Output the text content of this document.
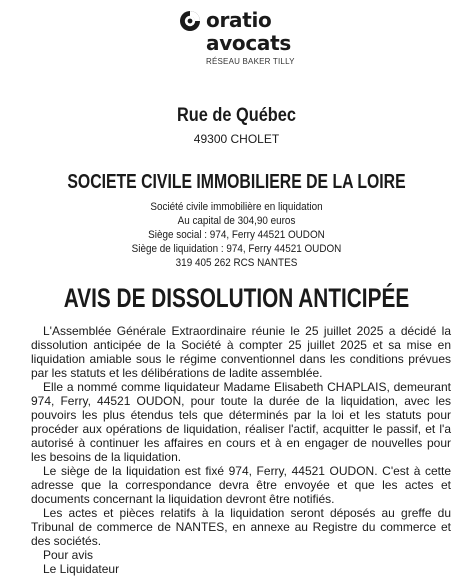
oratio
avocats
RÉSEAU BAKER TILLY
Rue de Québec
49300 CHOLET
SOCIETE CIVILE IMMOBILIERE DE LA LOIRE
Société civile immobilière en liquidation
Au capital de 304,90 euros
Siège social : 974, Ferry 44521 OUDON
Siège de liquidation : 974, Ferry 44521 OUDON
319 405 262 RCS NANTES
AVIS DE DISSOLUTION ANTICIPÉE

L'Assemblée Générale Extraordinaire réunie le 25 juillet 2025 a décidé la dissolution anticipée de la Société à compter 25 juillet 2025 et sa mise en liquidation amiable sous le régime conventionnel dans les conditions prévues par les statuts et les délibérations de ladite assemblée.

Elle a nommé comme liquidateur Madame Elisabeth CHAPLAIS, demeurant 974, Ferry, 44521 OUDON, pour toute la durée de la liquidation, avec les pouvoirs les plus étendus tels que déterminés par la loi et les statuts pour procéder aux opérations de liquidation, réaliser l'actif, acquitter le passif, et l'a autorisé à continuer les affaires en cours et à en engager de nouvelles pour les besoins de la liquidation.

Le siège de la liquidation est fixé 974, Ferry, 44521 OUDON. C'est à cette adresse que la correspondance devra être envoyée et que les actes et documents concernant la liquidation devront être notifiés.

Les actes et pièces relatifs à la liquidation seront déposés au greffe du Tribunal de commerce de NANTES, en annexe au Registre du commerce et des sociétés.

Pour avis
Le Liquidateur
